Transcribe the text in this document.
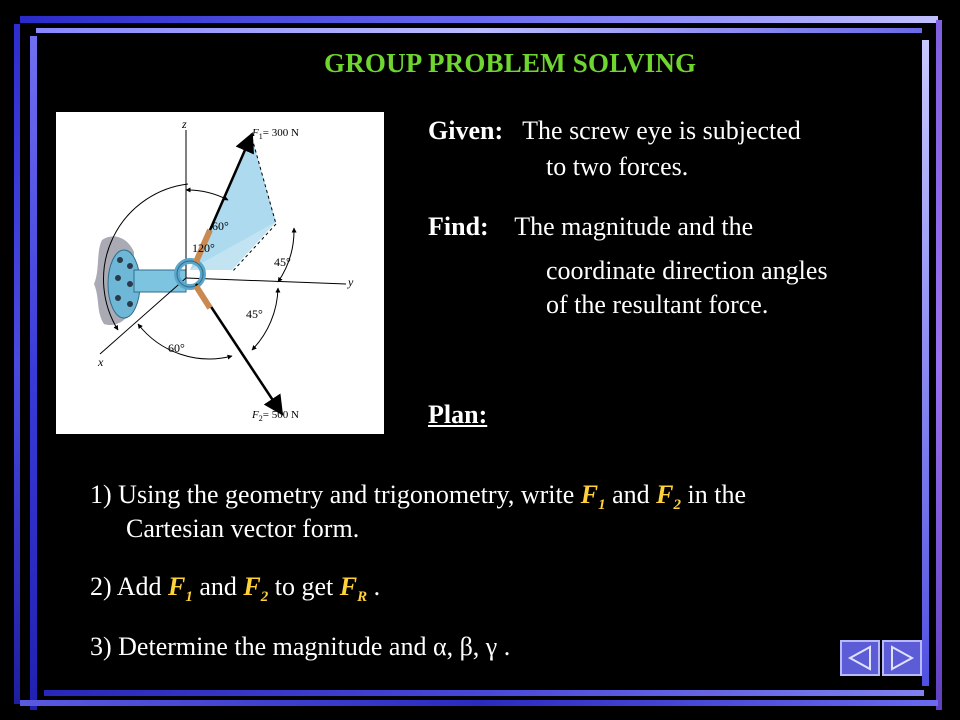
GROUP PROBLEM SOLVING
z
y
x
$F_1= 300$ N
$F_2= 500$ N
60°
120°
45°
45°
60°
Given: The screw eye is subjected
to two forces.
Find: The magnitude and the
coordinate direction angles
of the resultant force.
Plan:
1) Using the geometry and trigonometry, write $F_1$ and $F_2$ in the
Cartesian vector form.
2) Add $F_1$ and $F_2$ to get $F_R$ .
3) Determine the magnitude and α, β, γ .
